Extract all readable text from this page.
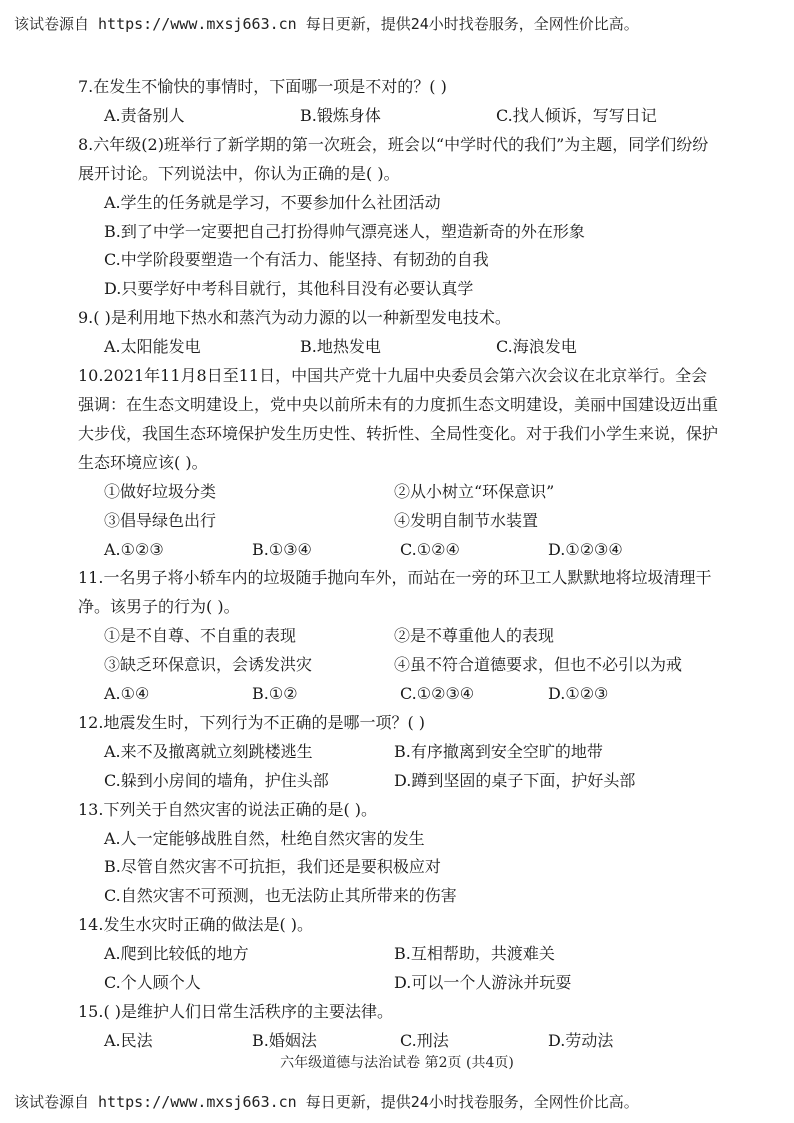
该试卷源自 https://www.mxsj663.cn 每日更新，提供24小时找卷服务，全网性价比高。
7.在发生不愉快的事情时，下面哪一项是不对的？( )
A.责备别人	B.锻炼身体	C.找人倾诉，写写日记
8.六年级(2)班举行了新学期的第一次班会，班会以“中学时代的我们”为主题，同学们纷纷展开讨论。下列说法中，你认为正确的是( )。
A.学生的任务就是学习，不要参加什么社团活动
B.到了中学一定要把自己打扮得帅气漂亮迷人，塑造新奇的外在形象
C.中学阶段要塑造一个有活力、能坚持、有韧劲的自我
D.只要学好中考科目就行，其他科目没有必要认真学
9.( )是利用地下热水和蒸汽为动力源的以一种新型发电技术。
A.太阳能发电	B.地热发电	C.海浪发电
10.2021年11月8日至11日，中国共产党十九届中央委员会第六次会议在北京举行。全会强调：在生态文明建设上，党中央以前所未有的力度抓生态文明建设，美丽中国建设迈出重大步伐，我国生态环境保护发生历史性、转折性、全局性变化。对于我们小学生来说，保护生态环境应该( )。
①做好垃圾分类	②从小树立“环保意识”
③倡导绿色出行	④发明自制节水装置
A.①②③	B.①③④	C.①②④	D.①②③④
11.一名男子将小轿车内的垃圾随手抛向车外，而站在一旁的环卫工人默默地将垃圾清理干净。该男子的行为( )。
①是不自尊、不自重的表现	②是不尊重他人的表现
③缺乏环保意识，会诱发洪灾	④虽不符合道德要求，但也不必引以为戒
A.①④	B.①②	C.①②③④	D.①②③
12.地震发生时，下列行为不正确的是哪一项？( )
A.来不及撤离就立刻跳楼逃生	B.有序撤离到安全空旷的地带
C.躲到小房间的墙角，护住头部	D.蹲到坚固的桌子下面，护好头部
13.下列关于自然灾害的说法正确的是( )。
A.人一定能够战胜自然，杜绝自然灾害的发生
B.尽管自然灾害不可抗拒，我们还是要积极应对
C.自然灾害不可预测，也无法防止其所带来的伤害
14.发生水灾时正确的做法是( )。
A.爬到比较低的地方	B.互相帮助，共渡难关
C.个人顾个人	D.可以一个人游泳并玩耍
15.( )是维护人们日常生活秩序的主要法律。
A.民法	B.婚姻法	C.刑法	D.劳动法
六年级道德与法治试卷 第2页 (共4页)
该试卷源自 https://www.mxsj663.cn 每日更新，提供24小时找卷服务，全网性价比高。
